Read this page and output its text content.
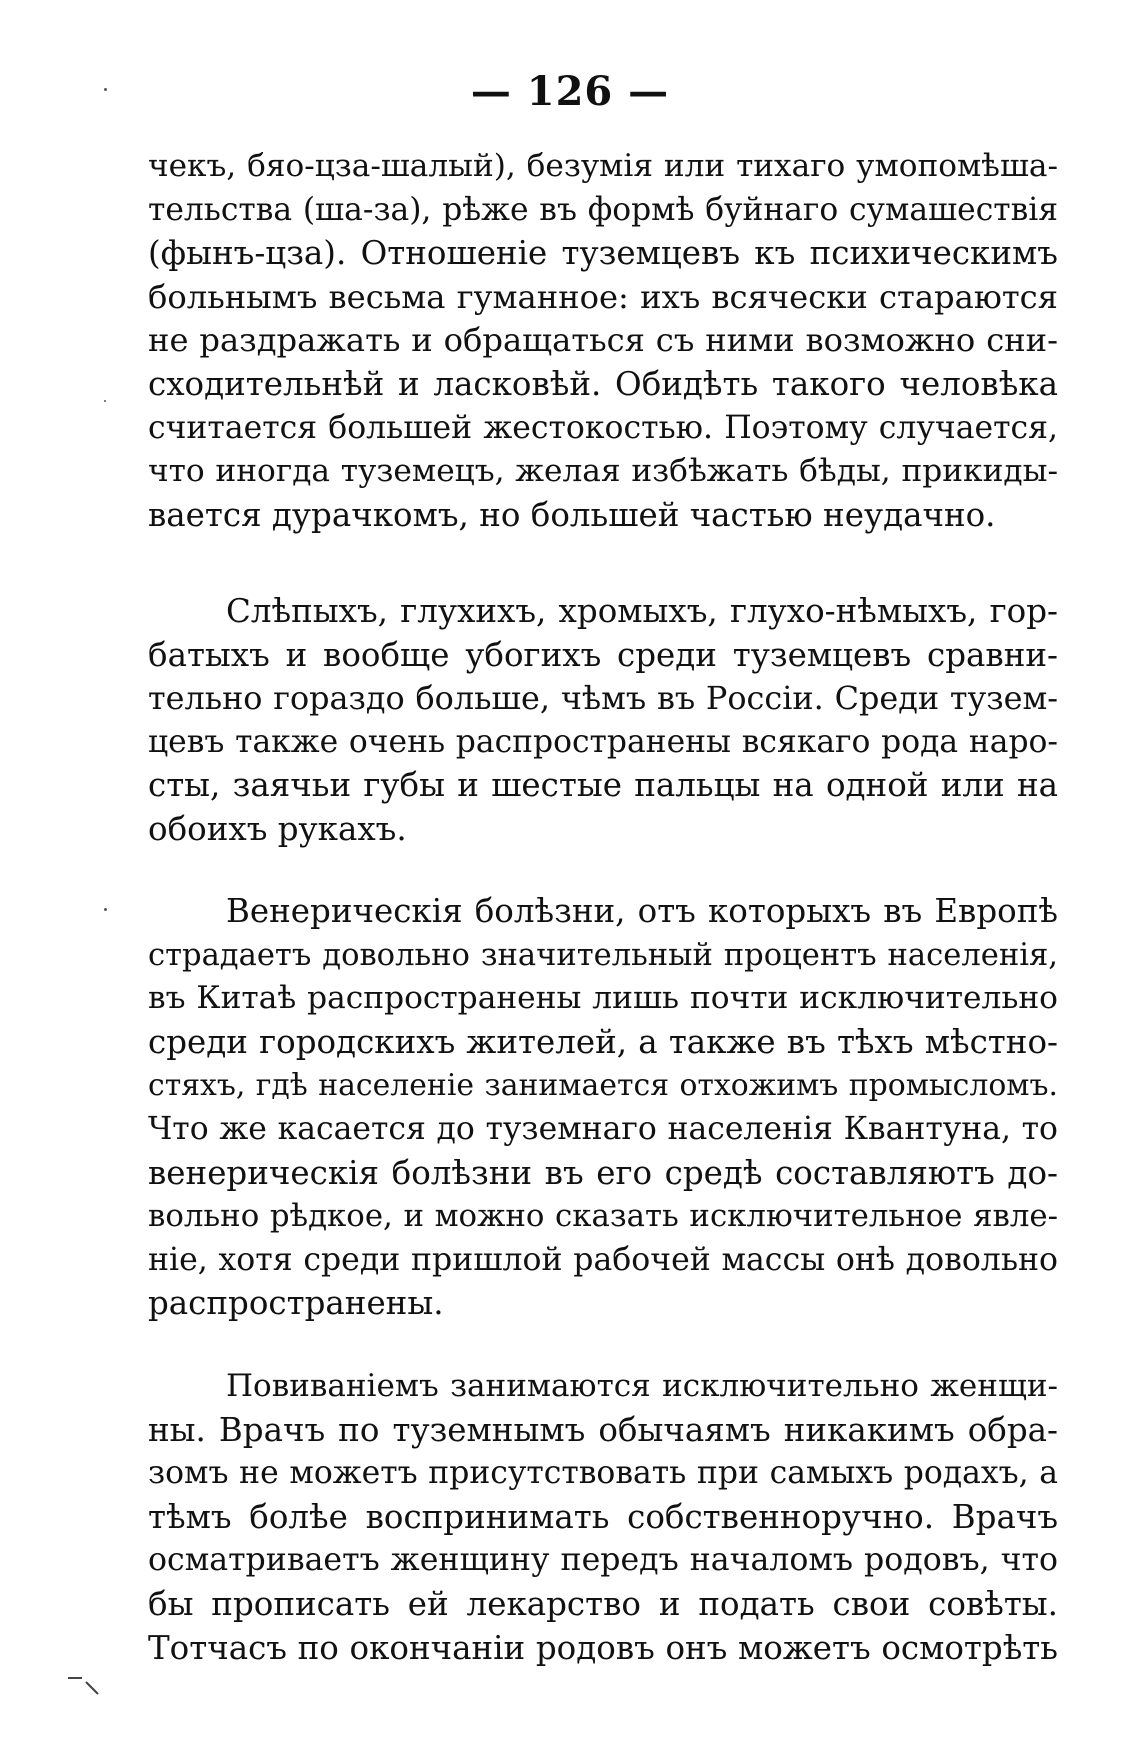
— 126 —
чекъ, бяо-цза-шалый), безумія или тихаго умопомѣша-
тельства (ша-за), рѣже въ формѣ буйнаго сумашествія
(фынъ-цза). Отношеніе туземцевъ къ психическимъ
больнымъ весьма гуманное: ихъ всячески стараются
не раздражать и обращаться съ ними возможно сни-
сходительнѣй и ласковѣй. Обидѣть такого человѣка
считается большей жестокостью. Поэтому случается,
что иногда туземецъ, желая избѣжать бѣды, прикиды-
вается дурачкомъ, но большей частью неудачно.
Слѣпыхъ, глухихъ, хромыхъ, глухо-нѣмыхъ, гор-
батыхъ и вообще убогихъ среди туземцевъ сравни-
тельно гораздо больше, чѣмъ въ Россіи. Среди тузем-
цевъ также очень распространены всякаго рода наро-
сты, заячьи губы и шестые пальцы на одной или на
обоихъ рукахъ.
Венерическія болѣзни, отъ которыхъ въ Европѣ
страдаетъ довольно значительный процентъ населенія,
въ Китаѣ распространены лишь почти исключительно
среди городскихъ жителей, а также въ тѣхъ мѣстно-
стяхъ, гдѣ населеніе занимается отхожимъ промысломъ.
Что же касается до туземнаго населенія Квантуна, то
венерическія болѣзни въ его средѣ составляютъ до-
вольно рѣдкое, и можно сказать исключительное явле-
ніе, хотя среди пришлой рабочей массы онѣ довольно
распространены.
Повиваніемъ занимаются исключительно женщи-
ны. Врачъ по туземнымъ обычаямъ никакимъ обра-
зомъ не можетъ присутствовать при самыхъ родахъ, а
тѣмъ болѣе воспринимать собственноручно. Врачъ
осматриваетъ женщину передъ началомъ родовъ, что
бы прописать ей лекарство и подать свои совѣты.
Тотчасъ по окончаніи родовъ онъ можетъ осмотрѣть
